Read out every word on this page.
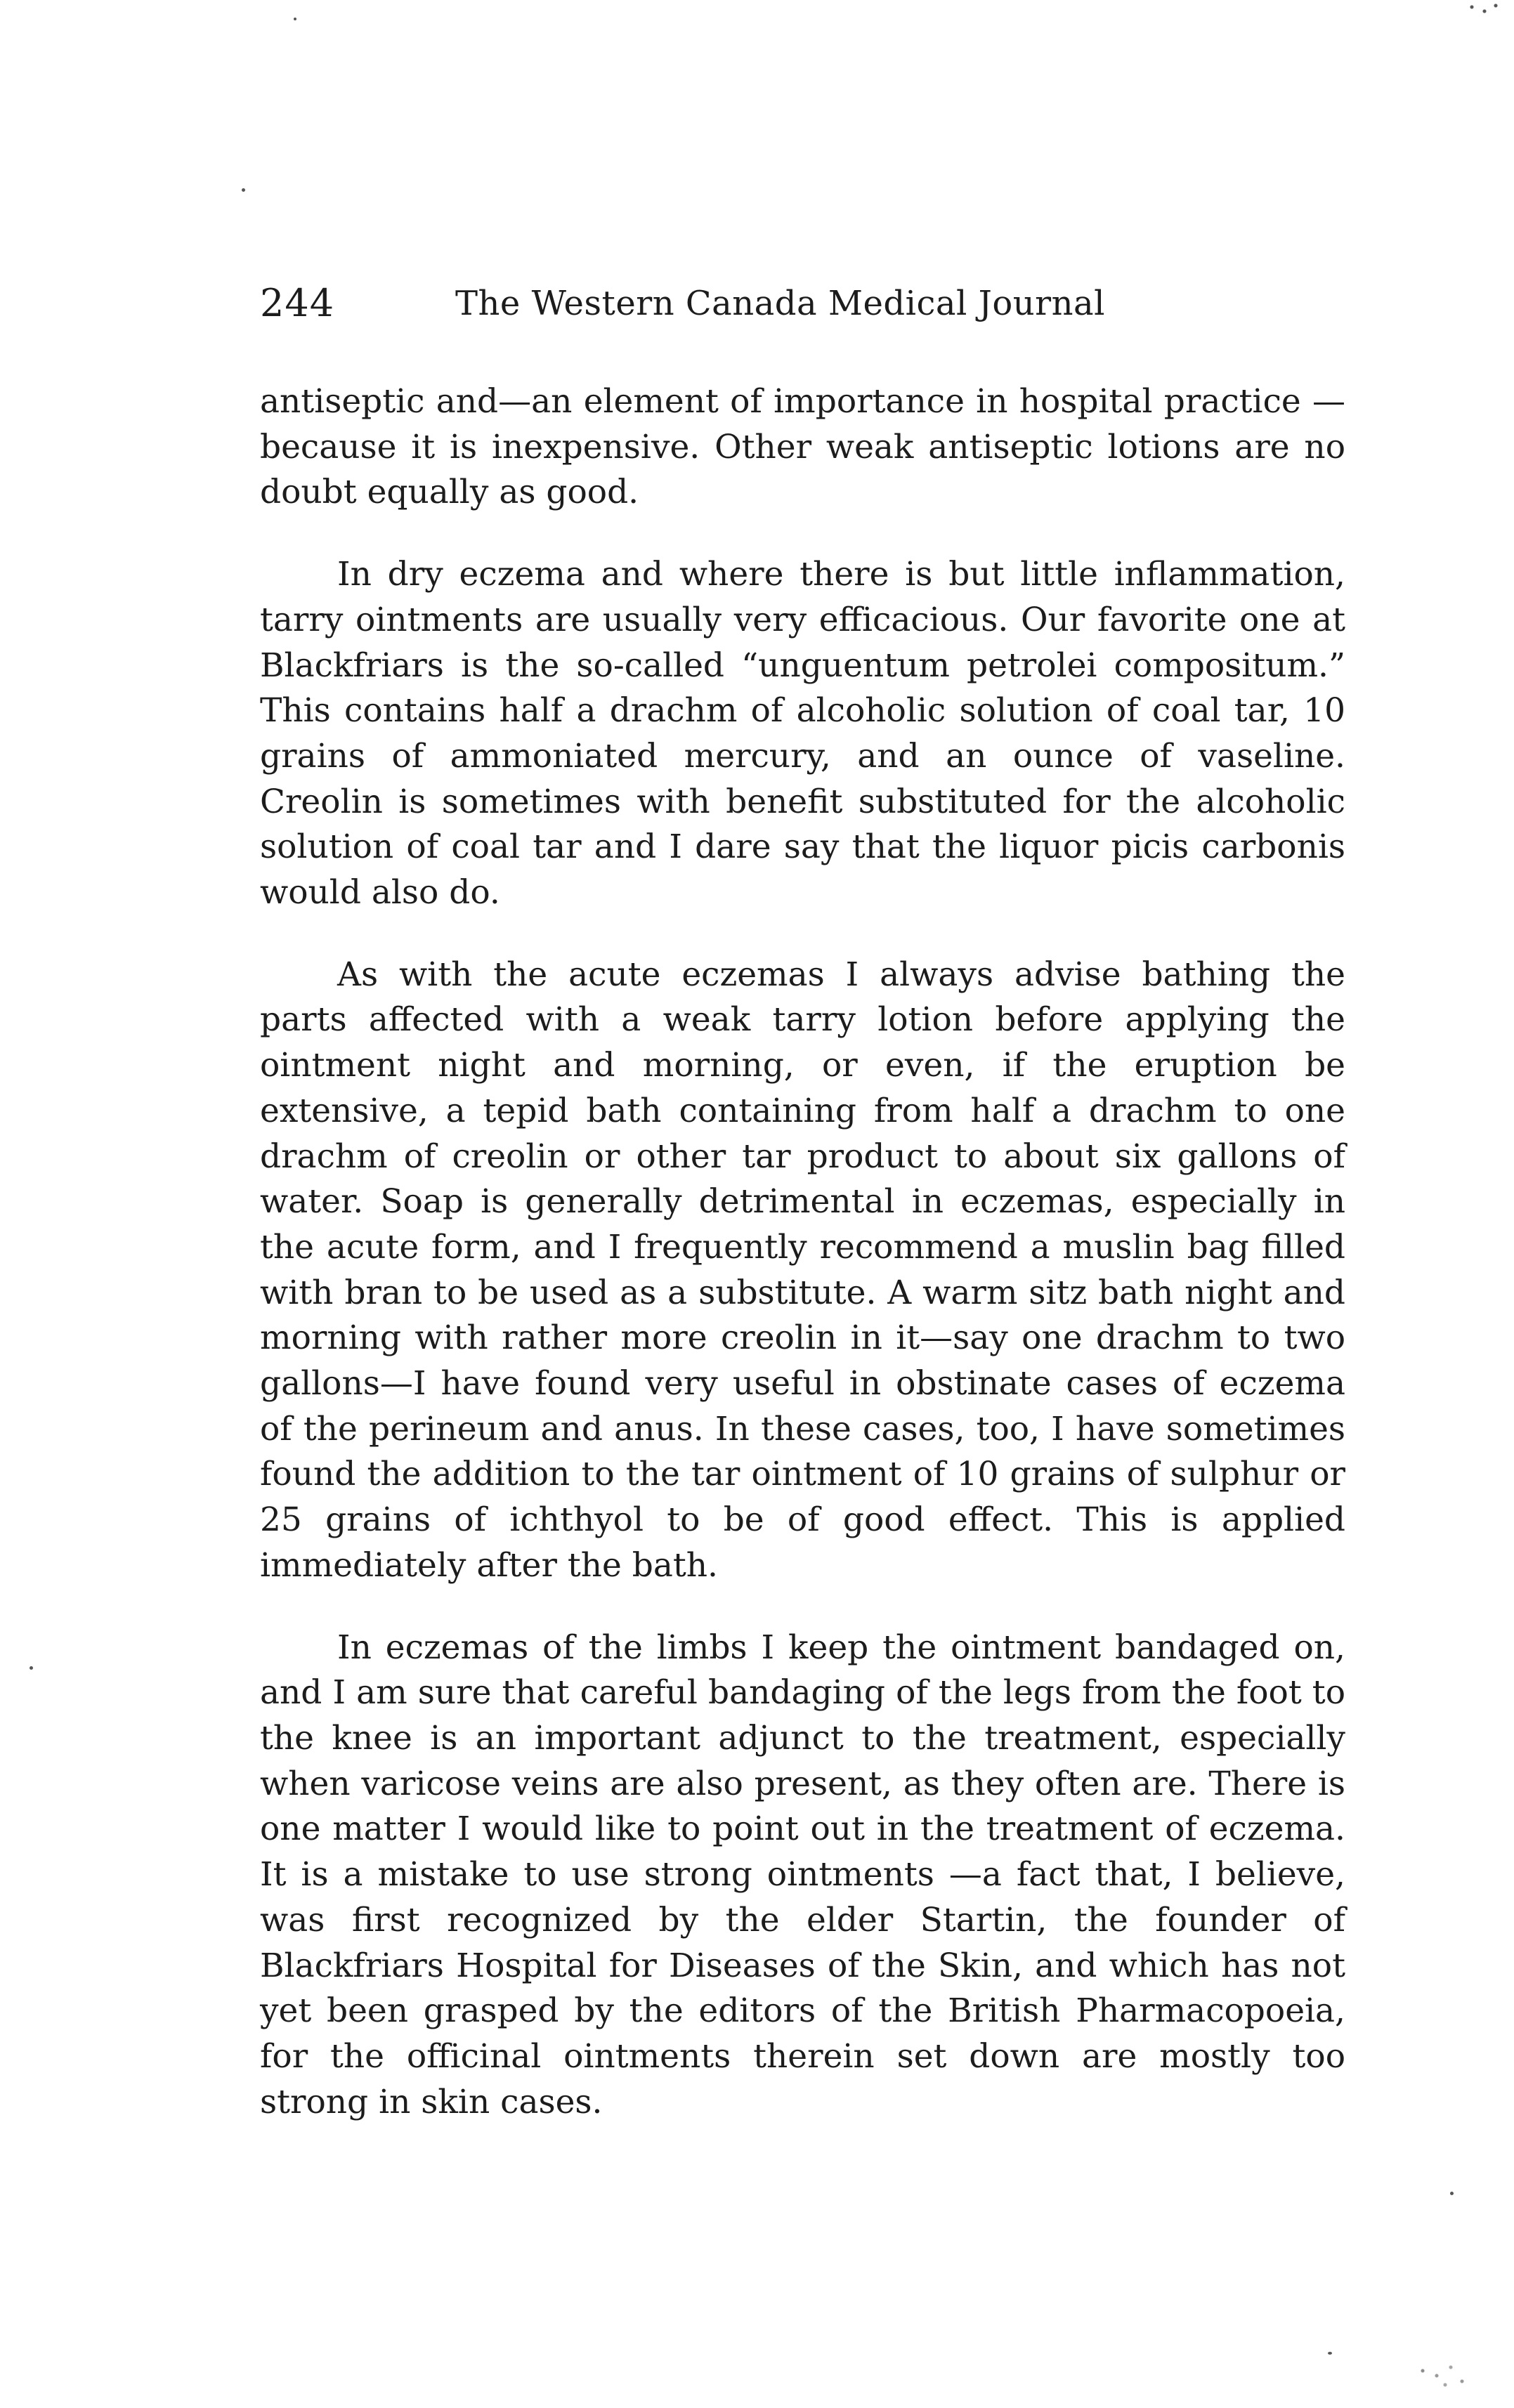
244	The Western Canada Medical Journal

antiseptic and—an element of importance in hospital practice —because it is inexpensive. Other weak antiseptic lotions are no doubt equally as good.

In dry eczema and where there is but little inflammation, tarry ointments are usually very efficacious. Our favorite one at Blackfriars is the so-called “unguentum petrolei compositum.” This contains half a drachm of alcoholic solution of coal tar, 10 grains of ammoniated mercury, and an ounce of vaseline. Creolin is sometimes with benefit substituted for the alcoholic solution of coal tar and I dare say that the liquor picis carbonis would also do.

As with the acute eczemas I always advise bathing the parts affected with a weak tarry lotion before applying the ointment night and morning, or even, if the eruption be extensive, a tepid bath containing from half a drachm to one drachm of creolin or other tar product to about six gallons of water. Soap is generally detrimental in eczemas, especially in the acute form, and I frequently recommend a muslin bag filled with bran to be used as a substitute. A warm sitz bath night and morning with rather more creolin in it—say one drachm to two gallons—I have found very useful in obstinate cases of eczema of the perineum and anus. In these cases, too, I have sometimes found the addition to the tar ointment of 10 grains of sulphur or 25 grains of ichthyol to be of good effect. This is applied immediately after the bath.

In eczemas of the limbs I keep the ointment bandaged on, and I am sure that careful bandaging of the legs from the foot to the knee is an important adjunct to the treatment, especially when varicose veins are also present, as they often are. There is one matter I would like to point out in the treatment of eczema. It is a mistake to use strong ointments —a fact that, I believe, was first recognized by the elder Startin, the founder of Blackfriars Hospital for Diseases of the Skin, and which has not yet been grasped by the editors of the British Pharmacopoeia, for the officinal ointments therein set down are mostly too strong in skin cases.
